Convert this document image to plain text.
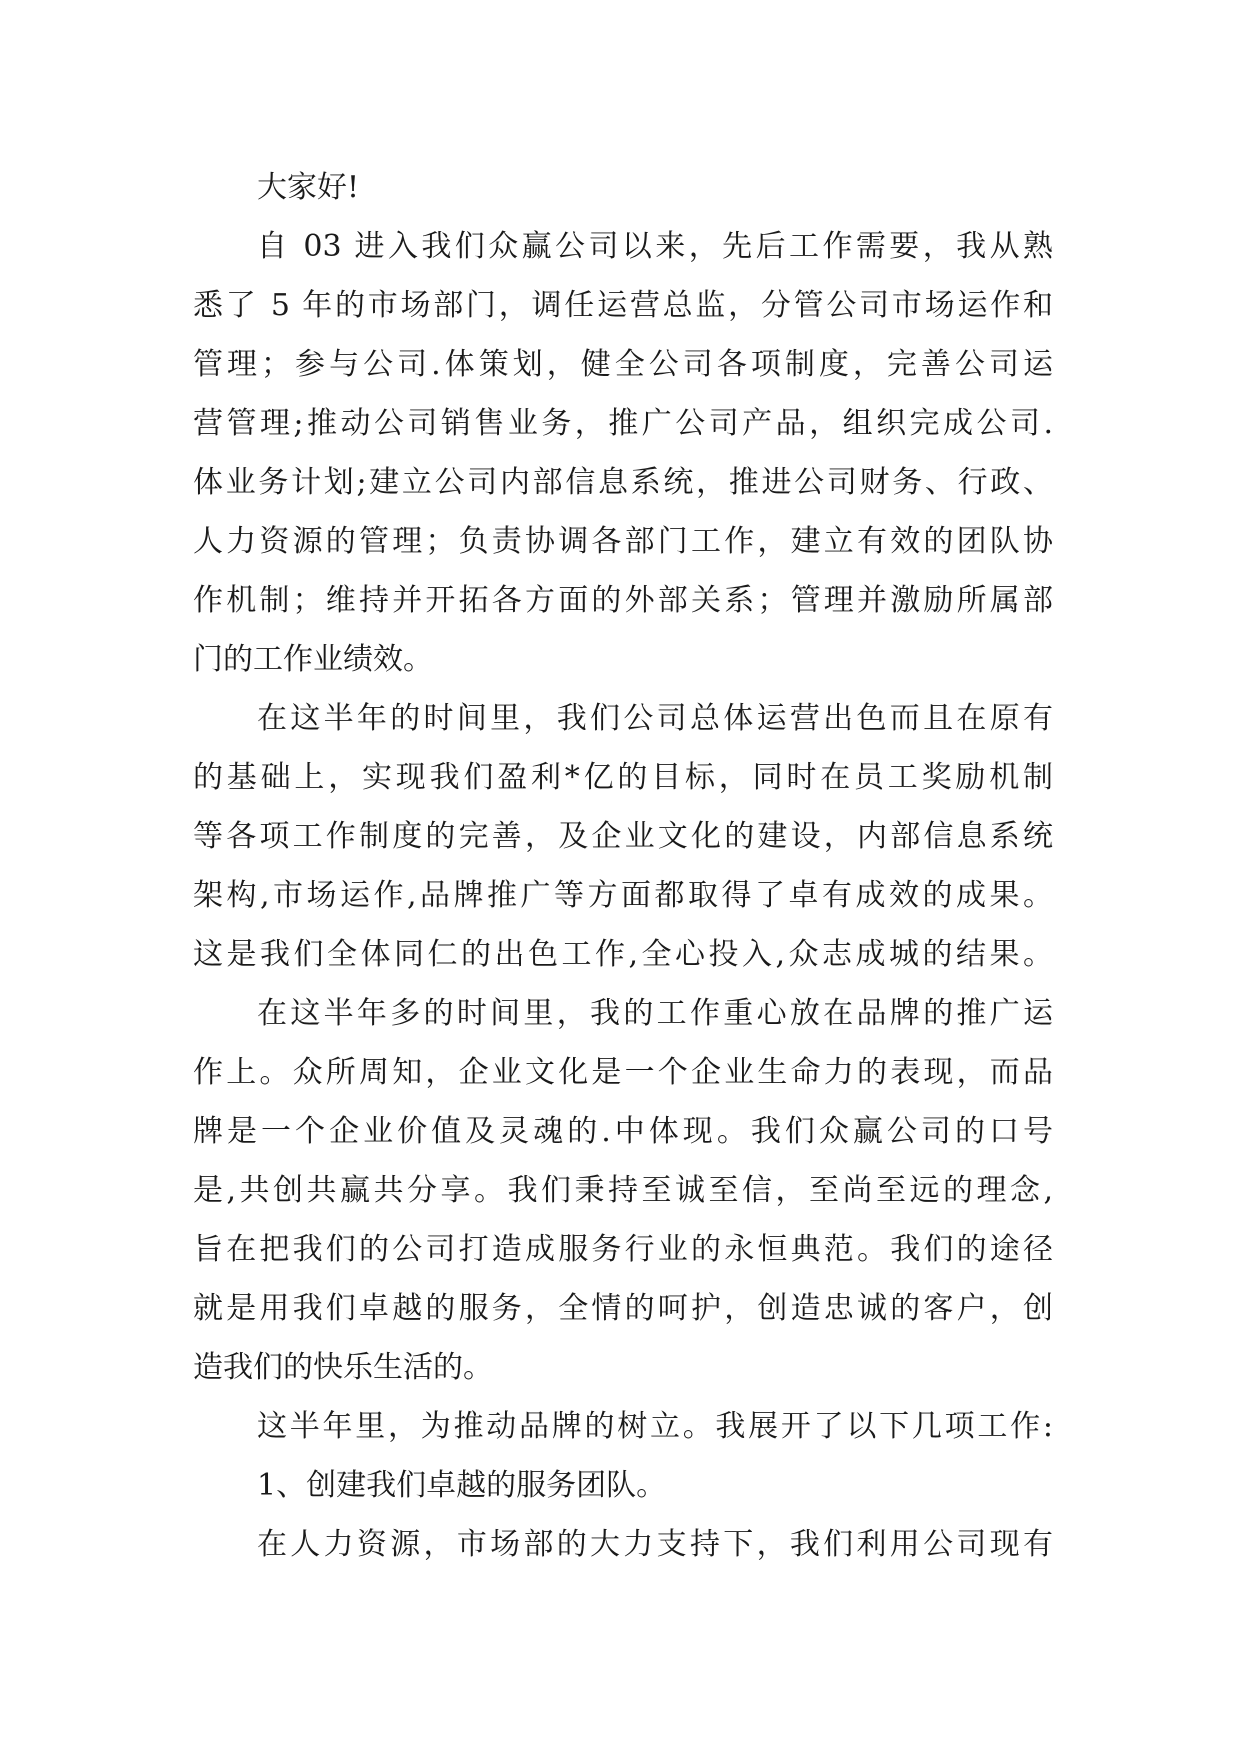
大家好!
自 03 进入我们众赢公司以来，先后工作需要，我从熟
悉了 5 年的市场部门，调任运营总监，分管公司市场运作和
管理；参与公司.体策划，健全公司各项制度，完善公司运
营管理;推动公司销售业务，推广公司产品，组织完成公司.
体业务计划;建立公司内部信息系统，推进公司财务、行政、
人力资源的管理；负责协调各部门工作，建立有效的团队协
作机制；维持并开拓各方面的外部关系；管理并激励所属部
门的工作业绩效。
在这半年的时间里，我们公司总体运营出色而且在原有
的基础上，实现我们盈利*亿的目标，同时在员工奖励机制
等各项工作制度的完善，及企业文化的建设，内部信息系统
架构,市场运作,品牌推广等方面都取得了卓有成效的成果。
这是我们全体同仁的出色工作,全心投入,众志成城的结果。
在这半年多的时间里，我的工作重心放在品牌的推广运
作上。众所周知，企业文化是一个企业生命力的表现，而品
牌是一个企业价值及灵魂的.中体现。我们众赢公司的口号
是,共创共赢共分享。我们秉持至诚至信，至尚至远的理念,
旨在把我们的公司打造成服务行业的永恒典范。我们的途径
就是用我们卓越的服务，全情的呵护，创造忠诚的客户，创
造我们的快乐生活的。
这半年里，为推动品牌的树立。我展开了以下几项工作:
1、创建我们卓越的服务团队。
在人力资源，市场部的大力支持下，我们利用公司现有
